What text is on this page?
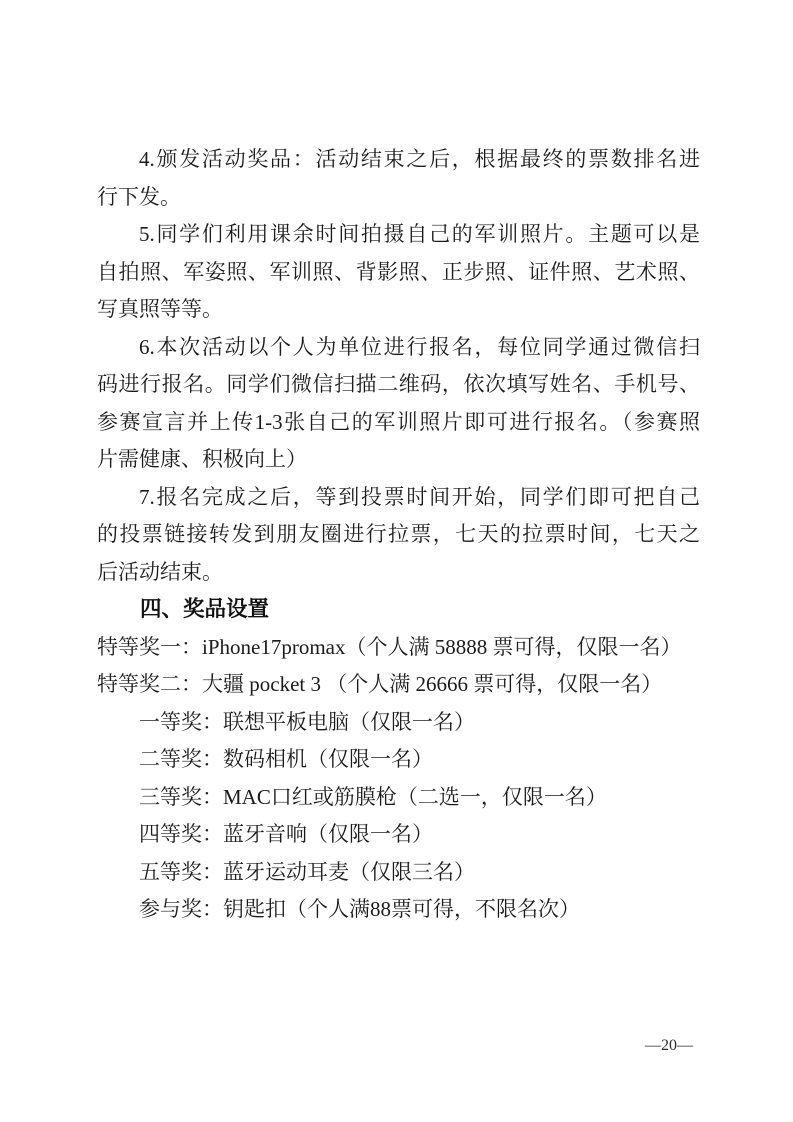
4.颁发活动奖品：活动结束之后，根据最终的票数排名进
行下发。
5.同学们利用课余时间拍摄自己的军训照片。主题可以是
自拍照、军姿照、军训照、背影照、正步照、证件照、艺术照、
写真照等等。
6.本次活动以个人为单位进行报名，每位同学通过微信扫
码进行报名。同学们微信扫描二维码，依次填写姓名、手机号、
参赛宣言并上传1-3张自己的军训照片即可进行报名。（参赛照
片需健康、积极向上）
7.报名完成之后，等到投票时间开始，同学们即可把自己
的投票链接转发到朋友圈进行拉票，七天的拉票时间，七天之
后活动结束。
四、奖品设置
特等奖一：iPhone17promax（个人满 58888 票可得，仅限一名）
特等奖二：大疆 pocket 3 （个人满 26666 票可得，仅限一名）
一等奖：联想平板电脑（仅限一名）
二等奖：数码相机（仅限一名）
三等奖：MAC口红或筋膜枪（二选一，仅限一名）
四等奖：蓝牙音响（仅限一名）
五等奖：蓝牙运动耳麦（仅限三名）
参与奖：钥匙扣（个人满88票可得，不限名次）
—20—
